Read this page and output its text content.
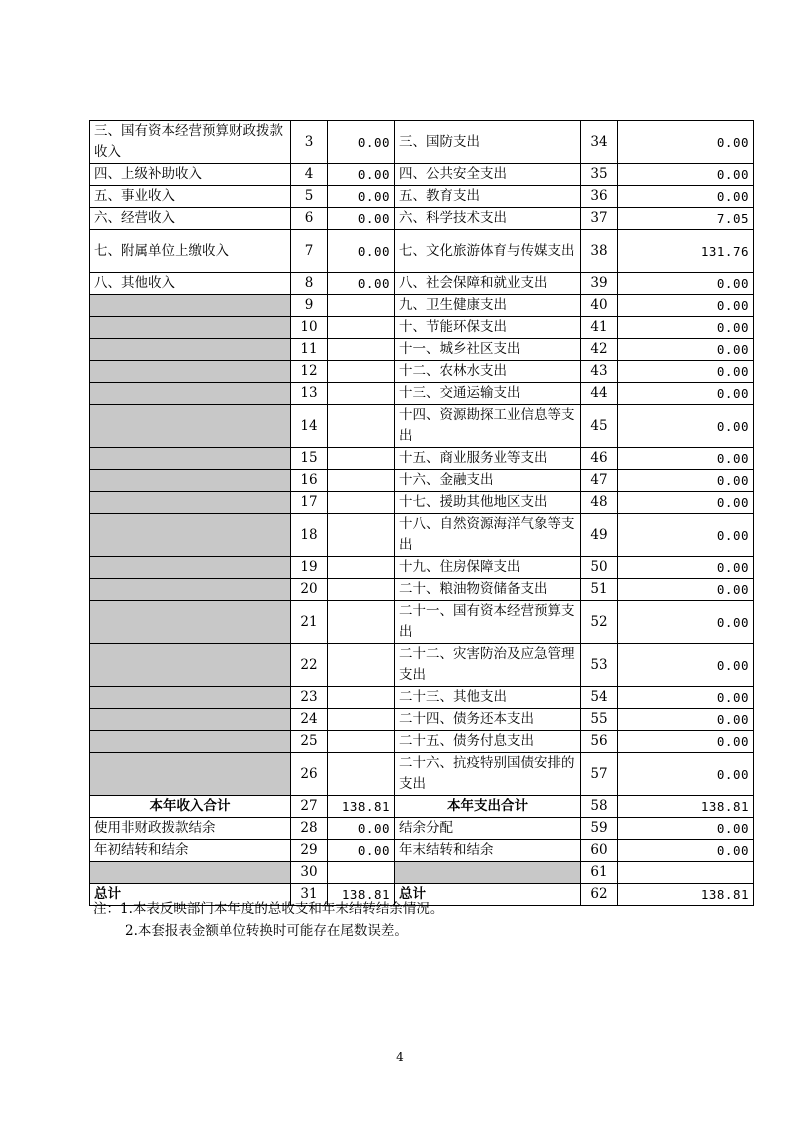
三、国有资本经营预算财政拨款收入	3	0.00	三、国防支出	34	0.00
四、上级补助收入	4	0.00	四、公共安全支出	35	0.00
五、事业收入	5	0.00	五、教育支出	36	0.00
六、经营收入	6	0.00	六、科学技术支出	37	7.05
七、附属单位上缴收入	7	0.00	七、文化旅游体育与传媒支出	38	131.76
八、其他收入	8	0.00	八、社会保障和就业支出	39	0.00
	9		九、卫生健康支出	40	0.00
	10		十、节能环保支出	41	0.00
	11		十一、城乡社区支出	42	0.00
	12		十二、农林水支出	43	0.00
	13		十三、交通运输支出	44	0.00
	14		十四、资源勘探工业信息等支出	45	0.00
	15		十五、商业服务业等支出	46	0.00
	16		十六、金融支出	47	0.00
	17		十七、援助其他地区支出	48	0.00
	18		十八、自然资源海洋气象等支出	49	0.00
	19		十九、住房保障支出	50	0.00
	20		二十、粮油物资储备支出	51	0.00
	21		二十一、国有资本经营预算支出	52	0.00
	22		二十二、灾害防治及应急管理支出	53	0.00
	23		二十三、其他支出	54	0.00
	24		二十四、债务还本支出	55	0.00
	25		二十五、债务付息支出	56	0.00
	26		二十六、抗疫特别国债安排的支出	57	0.00
本年收入合计	27	138.81	本年支出合计	58	138.81
使用非财政拨款结余	28	0.00	结余分配	59	0.00
年初结转和结余	29	0.00	年末结转和结余	60	0.00
	30			61	
总计	31	138.81	总计	62	138.81
注：1.本表反映部门本年度的总收支和年末结转结余情况。
2.本套报表金额单位转换时可能存在尾数误差。
4
